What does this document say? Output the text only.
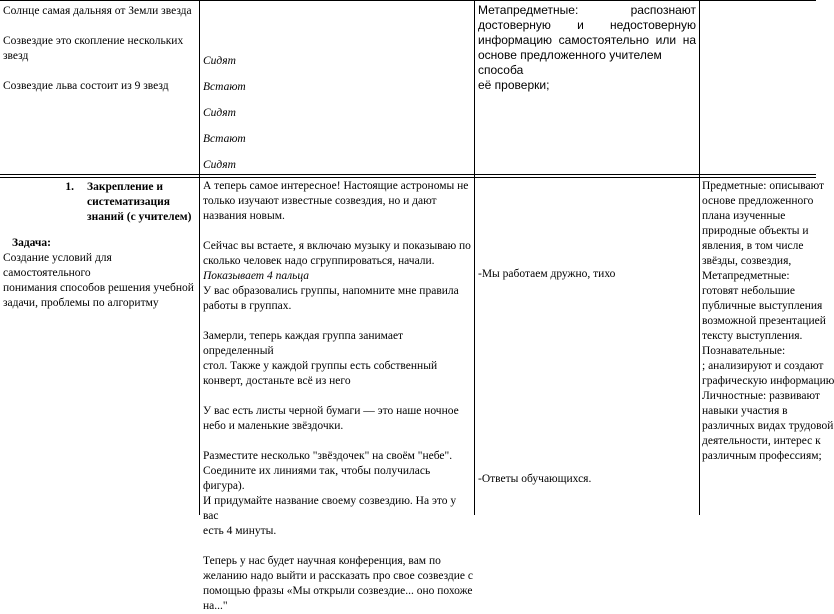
Солнце самая дальняя от Земли звезда

Созвездие это скопление нескольких звезд

Созвездие льва состоит из 9 звезд

Сидят

Встают

Сидят

Встают

Сидят

Метапредметные:	распознают

достоверную и недостоверную

информацию самостоятельно или на

основе предложенного учителем способа

её проверки;

1.	Закрепление и

систематизация

знаний (с учителем)

Задача:

Создание условий для самостоятельного

понимания способов решения учебной

задачи, проблемы по алгоритму

А теперь самое интересное! Настоящие астрономы не

только изучают известные созвездия, но и дают

названия новым.

Сейчас вы встаете, я включаю музыку и показываю по

сколько человек надо сгруппироваться, начали.

Показывает 4 пальца

У вас образовались группы, напомните мне правила

работы в группах.

Замерли, теперь каждая группа занимает определенный

стол. Также у каждой группы есть собственный

конверт, достаньте всё из него

У вас есть листы черной бумаги — это наше ночное

небо и маленькие звёздочки.

Разместите несколько "звёздочек" на своём "небе".

Соедините их линиями так, чтобы получилась фигура).

И придумайте название своему созвездию. На это у вас

есть 4 минуты.

Теперь у нас будет научная конференция, вам по

желанию надо выйти и рассказать про свое созвездие с

помощью фразы «Мы открыли созвездие... оно похоже

на..."

-Мы работаем дружно, тихо

-Ответы обучающихся.

Предметные: описывают

основе предложенного

плана изученные

природные объекты и

явления, в том числе

звёзды, созвездия,

Метапредметные:

готовят небольшие

публичные выступления

возможной презентацией

тексту выступления.

Познавательные:

; анализируют и создают

графическую информацию

Личностные: развивают

навыки участия в

различных видах трудовой

деятельности, интерес к

различным профессиям;
